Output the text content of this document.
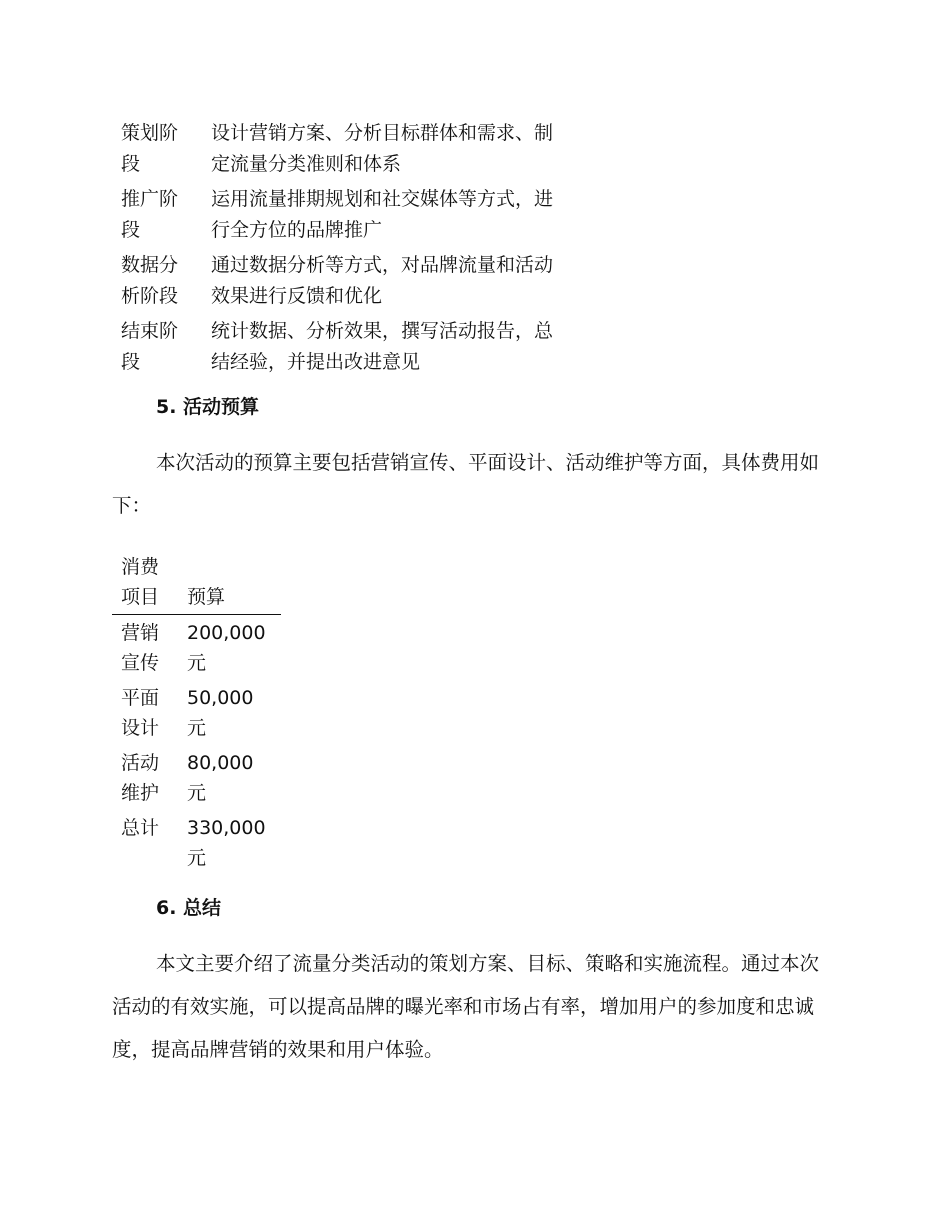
策划阶段	设计营销方案、分析目标群体和需求、制定流量分类准则和体系

推广阶段	运用流量排期规划和社交媒体等方式，进行全方位的品牌推广

数据分析阶段	通过数据分析等方式，对品牌流量和活动效果进行反馈和优化

结束阶段	统计数据、分析效果，撰写活动报告，总结经验，并提出改进意见
5. 活动预算
本次活动的预算主要包括营销宣传、平面设计、活动维护等方面，具体费用如下：
消费项目	预算

营销宣传	200,000元

平面设计	50,000元

活动维护	80,000元

总计	330,000元
6. 总结
本文主要介绍了流量分类活动的策划方案、目标、策略和实施流程。通过本次活动的有效实施，可以提高品牌的曝光率和市场占有率，增加用户的参加度和忠诚度，提高品牌营销的效果和用户体验。
